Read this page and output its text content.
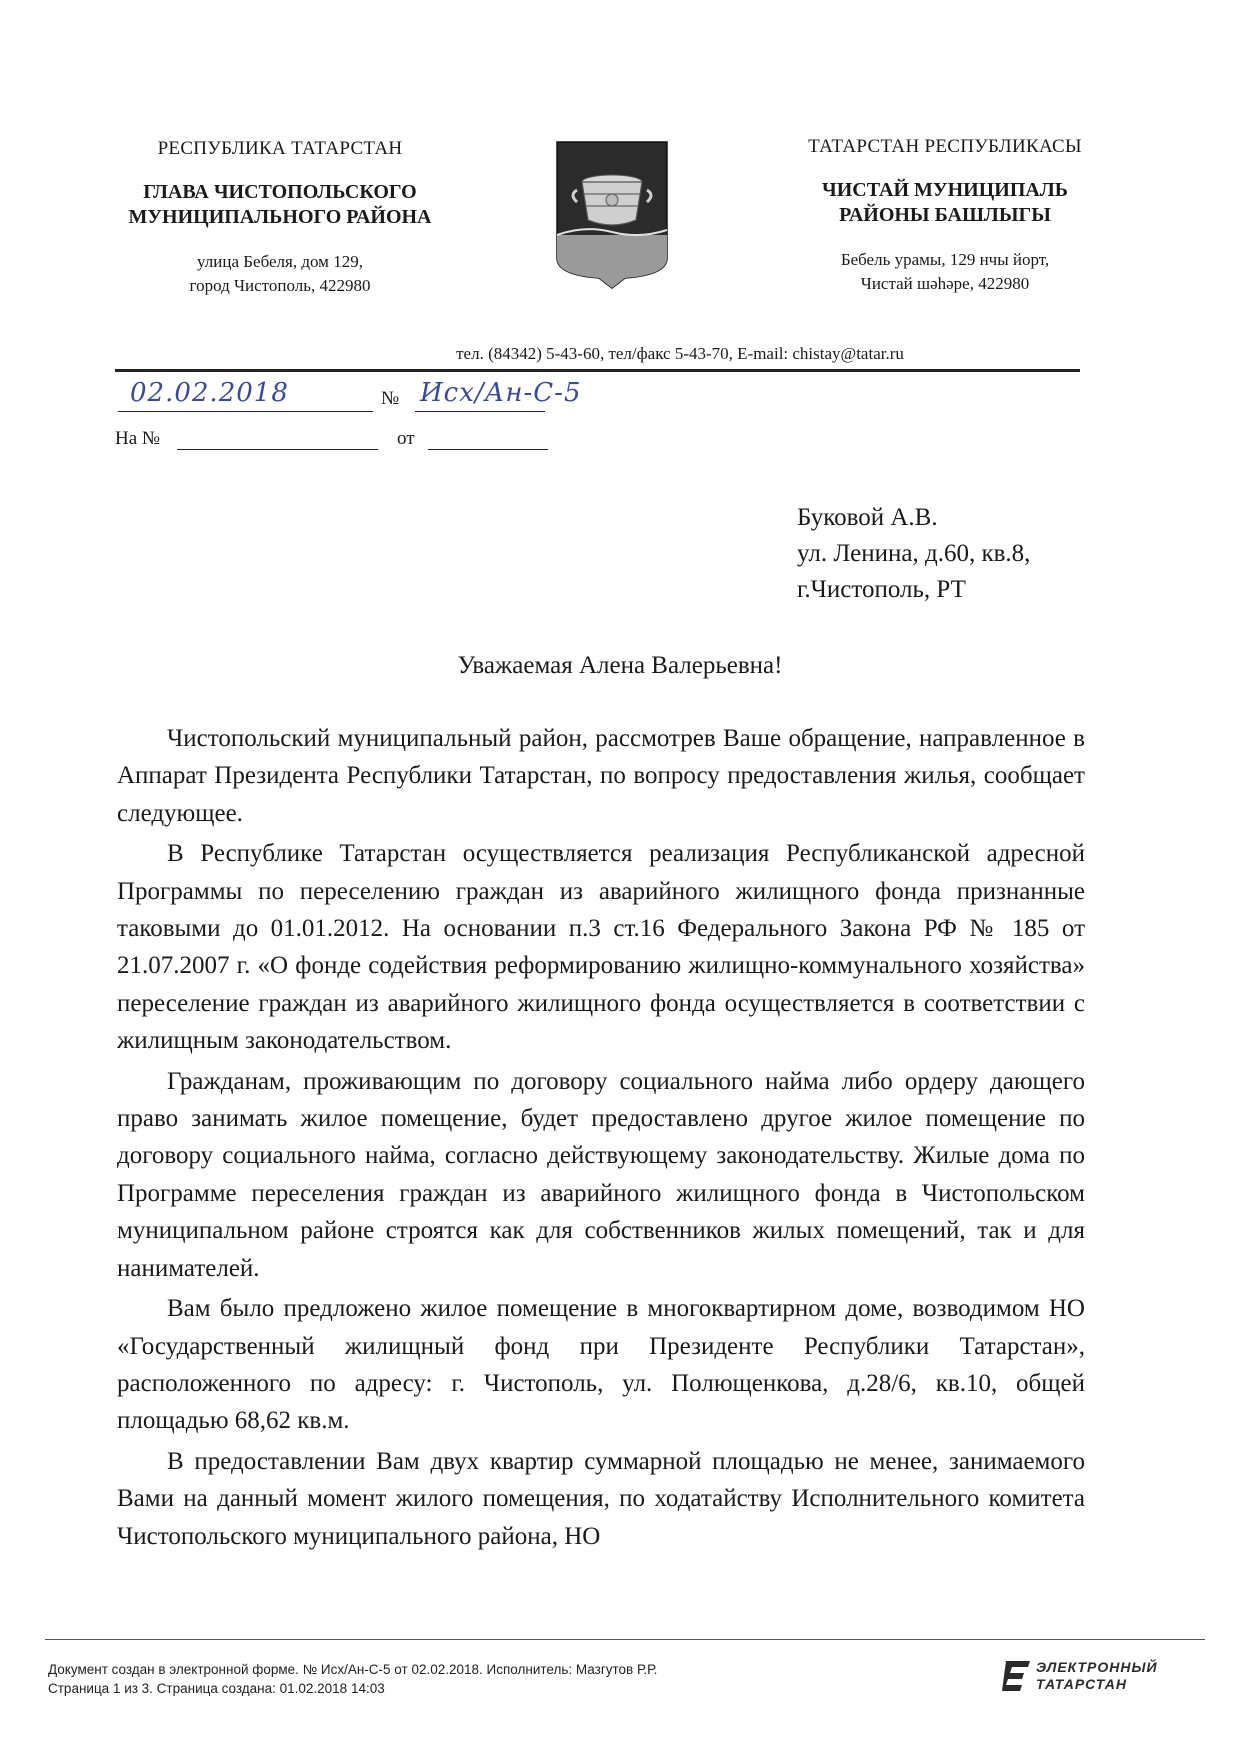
РЕСПУБЛИКА ТАТАРСТАН
ГЛАВА ЧИСТОПОЛЬСКОГО
МУНИЦИПАЛЬНОГО РАЙОНА
улица Бебеля, дом 129,
город Чистополь, 422980
ТАТАРСТАН РЕСПУБЛИКАСЫ
ЧИСТАЙ МУНИЦИПАЛЬ
РАЙОНЫ БАШЛЫГЫ
Бебель урамы, 129 нчы йорт,
Чистай шәһәре, 422980
тел. (84342) 5-43-60, тел/факс 5-43-70, E-mail: chistay@tatar.ru
02.02.2018	№ Исх/Ан-С-5
На №	от
Буковой А.В.
ул. Ленина, д.60, кв.8,
г.Чистополь, РТ
Уважаемая Алена Валерьевна!

Чистопольский муниципальный район, рассмотрев Ваше обращение, направленное в Аппарат Президента Республики Татарстан, по вопросу предоставления жилья, сообщает следующее.

В Республике Татарстан осуществляется реализация Республиканской адресной Программы по переселению граждан из аварийного жилищного фонда признанные таковыми до 01.01.2012. На основании п.3 ст.16 Федерального Закона РФ № 185 от 21.07.2007 г. «О фонде содействия реформированию жилищно-коммунального хозяйства» переселение граждан из аварийного жилищного фонда осуществляется в соответствии с жилищным законодательством.

Гражданам, проживающим по договору социального найма либо ордеру дающего право занимать жилое помещение, будет предоставлено другое жилое помещение по договору социального найма, согласно действующему законодательству. Жилые дома по Программе переселения граждан из аварийного жилищного фонда в Чистопольском муниципальном районе строятся как для собственников жилых помещений, так и для нанимателей.

Вам было предложено жилое помещение в многоквартирном доме, возводимом НО «Государственный жилищный фонд при Президенте Республики Татарстан», расположенного по адресу: г. Чистополь, ул. Полющенкова, д.28/6, кв.10, общей площадью 68,62 кв.м.

В предоставлении Вам двух квартир суммарной площадью не менее, занимаемого Вами на данный момент жилого помещения, по ходатайству Исполнительного комитета Чистопольского муниципального района, НО

Документ создан в электронной форме. № Исх/Ан-С-5 от 02.02.2018. Исполнитель: Мазгутов Р.Р.
Страница 1 из 3. Страница создана: 01.02.2018 14:03
ЭЛЕКТРОННЫЙ
ТАТАРСТАН
